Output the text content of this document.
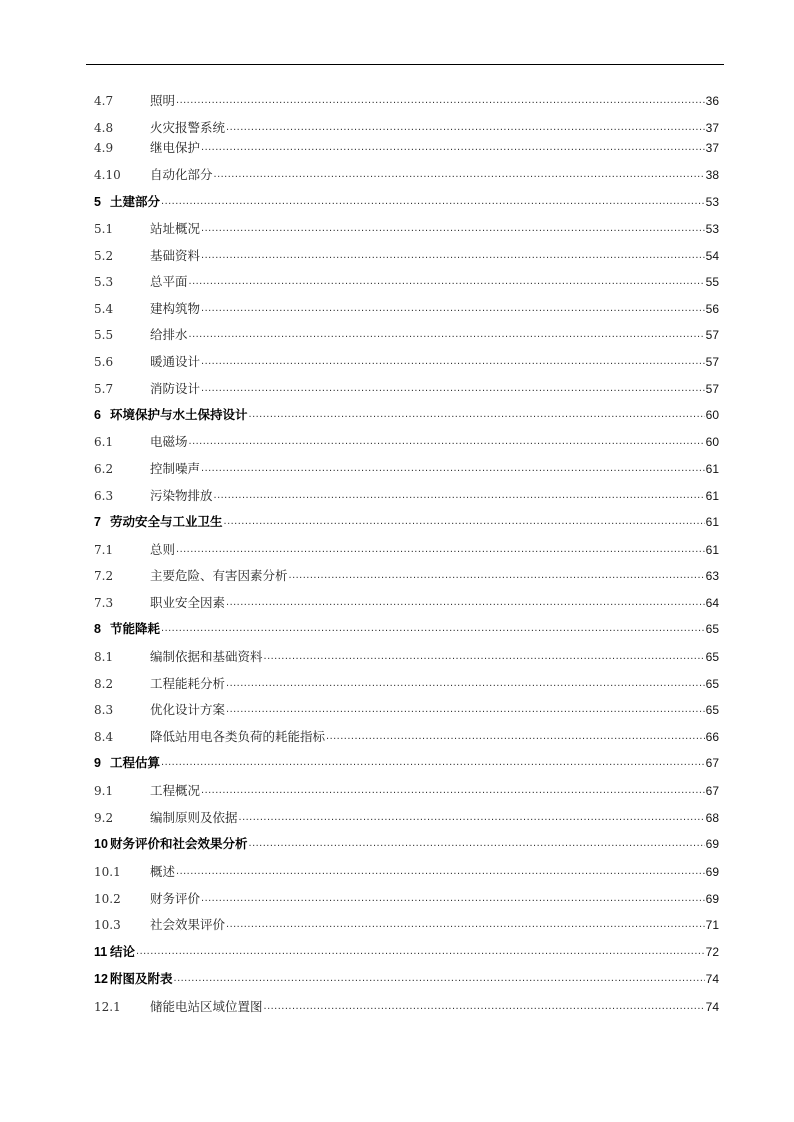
4.7	照明 .....	36
4.8	火灾报警系统 .....	37
4.9	继电保护 .....	37
4.10	自动化部分 .....	38
5 土建部分 .....	53
5.1	站址概况 .....	53
5.2	基础资料 .....	54
5.3	总平面 .....	55
5.4	建构筑物 .....	56
5.5	给排水 .....	57
5.6	暖通设计 .....	57
5.7	消防设计 .....	57
6 环境保护与水土保持设计 .....	60
6.1	电磁场 .....	60
6.2	控制噪声 .....	61
6.3	污染物排放 .....	61
7 劳动安全与工业卫生 .....	61
7.1	总则 .....	61
7.2	主要危险、有害因素分析 .....	63
7.3	职业安全因素 .....	64
8 节能降耗 .....	65
8.1	编制依据和基础资料 .....	65
8.2	工程能耗分析 .....	65
8.3	优化设计方案 .....	65
8.4	降低站用电各类负荷的耗能指标 .....	66
9 工程估算 .....	67
9.1	工程概况 .....	67
9.2	编制原则及依据 .....	68
10 财务评价和社会效果分析 .....	69
10.1	概述 .....	69
10.2	财务评价 .....	69
10.3	社会效果评价 .....	71
11 结论 .....	72
12 附图及附表 .....	74
12.1	储能电站区域位置图 .....	74
